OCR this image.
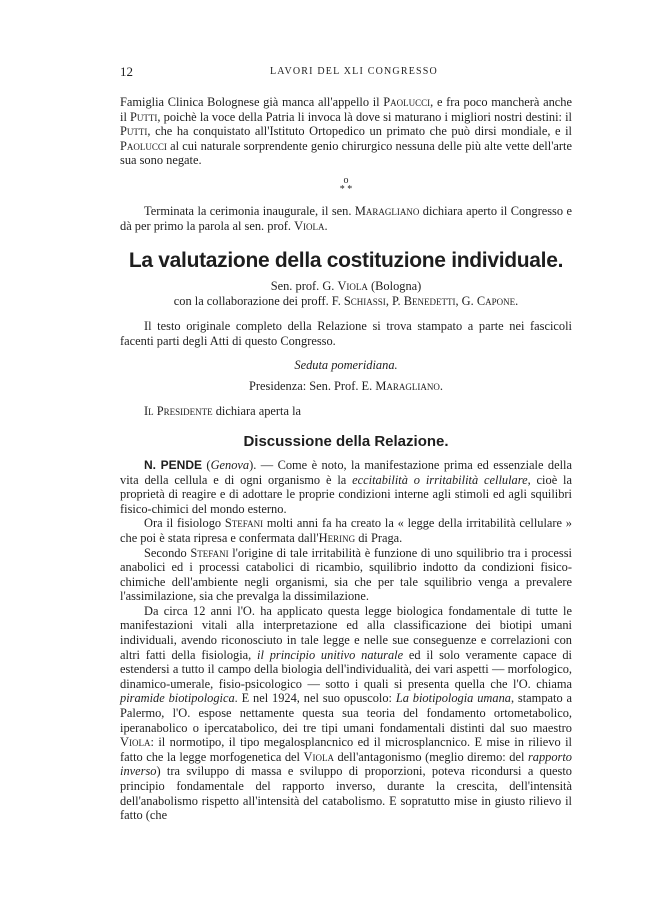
12	LAVORI DEL XLI CONGRESSO

Famiglia Clinica Bolognese già manca all'appello il Paolucci, e fra poco mancherà anche il Putti, poichè la voce della Patria li invoca là dove si maturano i migliori nostri destini: il Putti, che ha conquistato all'Istituto Ortopedico un primato che può dirsi mondiale, e il Paolucci al cui naturale sorprendente genio chirurgico nessuna delle più alte vette dell'arte sua sono negate.

o
* *

Terminata la cerimonia inaugurale, il sen. Maragliano dichiara aperto il Congresso e dà per primo la parola al sen. prof. Viola.

La valutazione della costituzione individuale.
Sen. prof. G. Viola (Bologna)
con la collaborazione dei proff. F. Schiassi, P. Benedetti, G. Capone.

Il testo originale completo della Relazione si trova stampato a parte nei fascicoli facenti parti degli Atti di questo Congresso.

Seduta pomeridiana.
Presidenza: Sen. Prof. E. Maragliano.

Il Presidente dichiara aperta la

Discussione della Relazione.

N. PENDE (Genova). — Come è noto, la manifestazione prima ed essenziale della vita della cellula e di ogni organismo è la eccitabilità o irritabilità cellulare, cioè la proprietà di reagire e di adottare le proprie condizioni interne agli stimoli ed agli squilibri fisico-chimici del mondo esterno.

Ora il fisiologo Stefani molti anni fa ha creato la « legge della irritabilità cellulare » che poi è stata ripresa e confermata dall'Hering di Praga.

Secondo Stefani l'origine di tale irritabilità è funzione di uno squilibrio tra i processi anabolici ed i processi catabolici di ricambio, squilibrio indotto da condizioni fisico-chimiche dell'ambiente negli organismi, sia che per tale squilibrio venga a prevalere l'assimilazione, sia che prevalga la dissimilazione.

Da circa 12 anni l'O. ha applicato questa legge biologica fondamentale di tutte le manifestazioni vitali alla interpretazione ed alla classificazione dei biotipi umani individuali, avendo riconosciuto in tale legge e nelle sue conseguenze e correlazioni con altri fatti della fisiologia, il principio unitivo naturale ed il solo veramente capace di estendersi a tutto il campo della biologia dell'individualità, dei vari aspetti — morfologico, dinamico-umerale, fisio-psicologico — sotto i quali si presenta quella che l'O. chiama piramide biotipologica. E nel 1924, nel suo opuscolo: La biotipologia umana, stampato a Palermo, l'O. espose nettamente questa sua teoria del fondamento ortometabolico, iperanabolico o ipercatabolico, dei tre tipi umani fondamentali distinti dal suo maestro Viola: il normotipo, il tipo megalosplancnico ed il microsplancnico. E mise in rilievo il fatto che la legge morfogenetica del Viola dell'antagonismo (meglio diremo: del rapporto inverso) tra sviluppo di massa e sviluppo di proporzioni, poteva ricondursi a questo principio fondamentale del rapporto inverso, durante la crescita, dell'intensità dell'anabolismo rispetto all'intensità del catabolismo. E sopratutto mise in giusto rilievo il fatto (che
